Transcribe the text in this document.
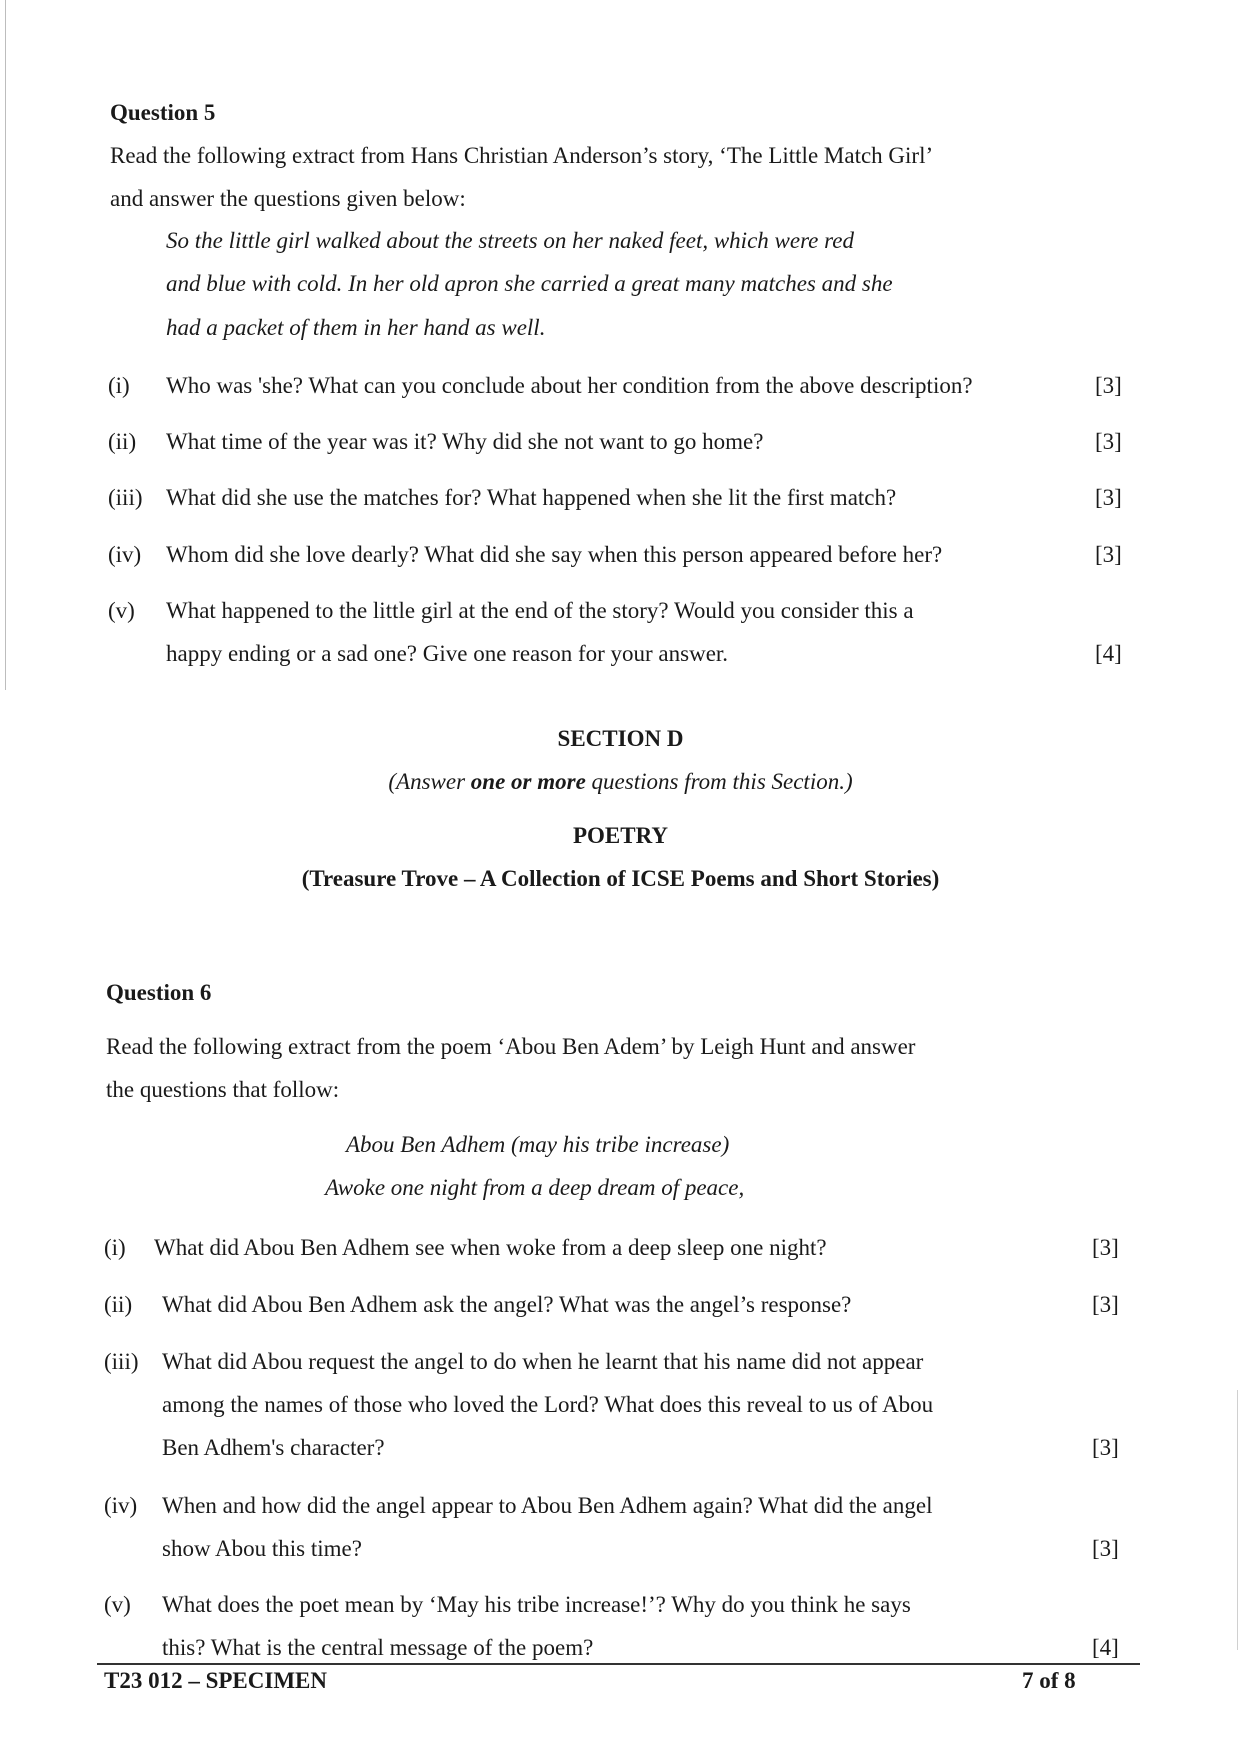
Question 5
Read the following extract from Hans Christian Anderson’s story, ‘The Little Match Girl’
and answer the questions given below:
So the little girl walked about the streets on her naked feet, which were red
and blue with cold. In her old apron she carried a great many matches and she
had a packet of them in her hand as well.
(i) Who was 'she? What can you conclude about her condition from the above description?	[3]
(ii) What time of the year was it? Why did she not want to go home?	[3]
(iii) What did she use the matches for? What happened when she lit the first match?	[3]
(iv) Whom did she love dearly? What did she say when this person appeared before her?	[3]
(v) What happened to the little girl at the end of the story? Would you consider this a
happy ending or a sad one? Give one reason for your answer.	[4]
SECTION D
(Answer one or more questions from this Section.)
POETRY
(Treasure Trove – A Collection of ICSE Poems and Short Stories)
Question 6
Read the following extract from the poem ‘Abou Ben Adem’ by Leigh Hunt and answer
the questions that follow:
Abou Ben Adhem (may his tribe increase)
Awoke one night from a deep dream of peace,
(i) What did Abou Ben Adhem see when woke from a deep sleep one night?	[3]
(ii) What did Abou Ben Adhem ask the angel? What was the angel’s response?	[3]
(iii) What did Abou request the angel to do when he learnt that his name did not appear
among the names of those who loved the Lord? What does this reveal to us of Abou
Ben Adhem's character?	[3]
(iv) When and how did the angel appear to Abou Ben Adhem again? What did the angel
show Abou this time?	[3]
(v) What does the poet mean by ‘May his tribe increase!’? Why do you think he says
this? What is the central message of the poem?	[4]
T23 012 – SPECIMEN	7 of 8
